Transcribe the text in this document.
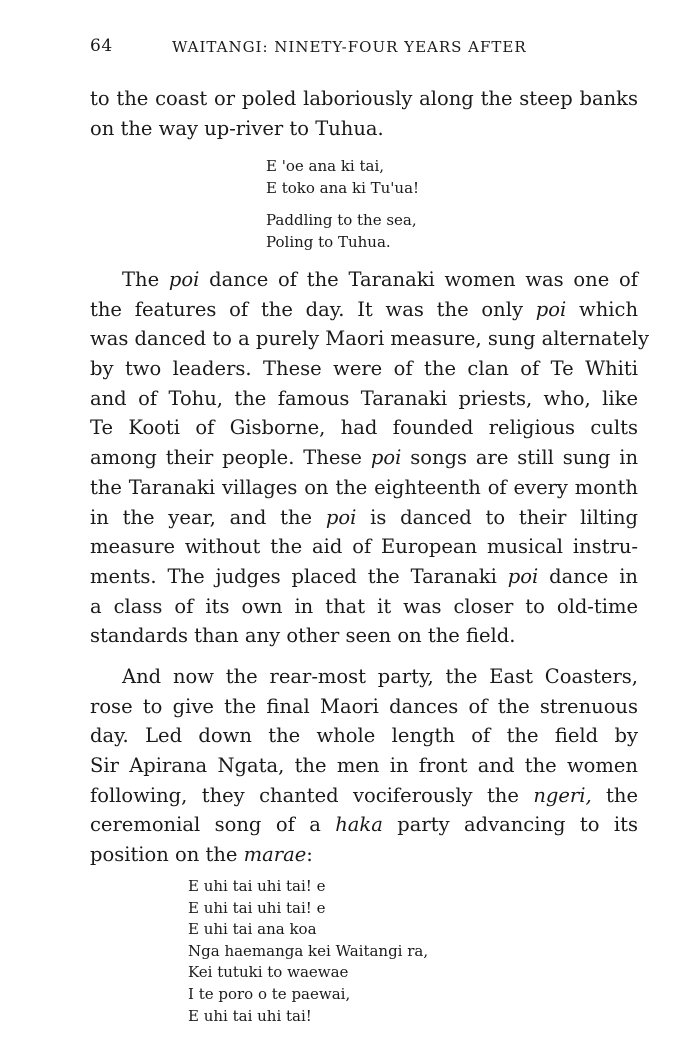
64	WAITANGI: NINETY-FOUR YEARS AFTER
to the coast or poled laboriously along the steep banks
on the way up-river to Tuhua.
E 'oe ana ki tai,
E toko ana ki Tu'ua!
Paddling to the sea,
Poling to Tuhua.
The poi dance of the Taranaki women was one of
the features of the day. It was the only poi which
was danced to a purely Maori measure, sung alternately
by two leaders. These were of the clan of Te Whiti
and of Tohu, the famous Taranaki priests, who, like
Te Kooti of Gisborne, had founded religious cults
among their people. These poi songs are still sung in
the Taranaki villages on the eighteenth of every month
in the year, and the poi is danced to their lilting
measure without the aid of European musical instru-
ments. The judges placed the Taranaki poi dance in
a class of its own in that it was closer to old-time
standards than any other seen on the field.
And now the rear-most party, the East Coasters,
rose to give the final Maori dances of the strenuous
day. Led down the whole length of the field by
Sir Apirana Ngata, the men in front and the women
following, they chanted vociferously the ngeri, the
ceremonial song of a haka party advancing to its
position on the marae:
E uhi tai uhi tai! e
E uhi tai uhi tai! e
E uhi tai ana koa
Nga haemanga kei Waitangi ra,
Kei tutuki to waewae
I te poro o te paewai,
E uhi tai uhi tai!
